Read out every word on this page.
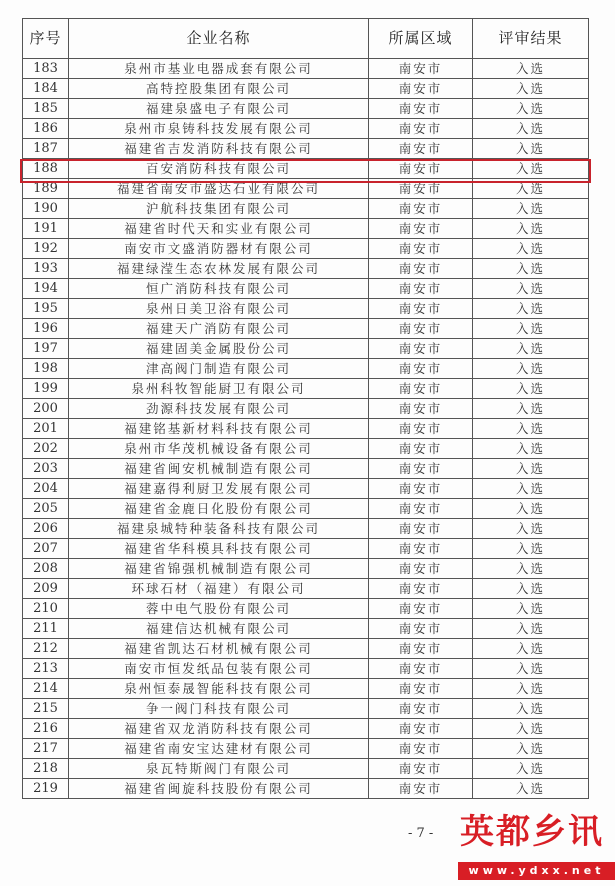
序号	企业名称	所属区域	评审结果
183	泉州市基业电器成套有限公司	南安市	入选
184	高特控股集团有限公司	南安市	入选
185	福建泉盛电子有限公司	南安市	入选
186	泉州市泉铸科技发展有限公司	南安市	入选
187	福建省吉发消防科技有限公司	南安市	入选
188	百安消防科技有限公司	南安市	入选
189	福建省南安市盛达石业有限公司	南安市	入选
190	沪航科技集团有限公司	南安市	入选
191	福建省时代天和实业有限公司	南安市	入选
192	南安市文盛消防器材有限公司	南安市	入选
193	福建绿滢生态农林发展有限公司	南安市	入选
194	恒广消防科技有限公司	南安市	入选
195	泉州日美卫浴有限公司	南安市	入选
196	福建天广消防有限公司	南安市	入选
197	福建固美金属股份公司	南安市	入选
198	津高阀门制造有限公司	南安市	入选
199	泉州科牧智能厨卫有限公司	南安市	入选
200	劲源科技发展有限公司	南安市	入选
201	福建铭基新材料科技有限公司	南安市	入选
202	泉州市华茂机械设备有限公司	南安市	入选
203	福建省闽安机械制造有限公司	南安市	入选
204	福建嘉得利厨卫发展有限公司	南安市	入选
205	福建省金鹿日化股份有限公司	南安市	入选
206	福建泉城特种装备科技有限公司	南安市	入选
207	福建省华科模具科技有限公司	南安市	入选
208	福建省锦强机械制造有限公司	南安市	入选
209	环球石材（福建）有限公司	南安市	入选
210	蓉中电气股份有限公司	南安市	入选
211	福建信达机械有限公司	南安市	入选
212	福建省凯达石材机械有限公司	南安市	入选
213	南安市恒发纸品包装有限公司	南安市	入选
214	泉州恒泰晟智能科技有限公司	南安市	入选
215	争一阀门科技有限公司	南安市	入选
216	福建省双龙消防科技有限公司	南安市	入选
217	福建省南安宝达建材有限公司	南安市	入选
218	泉瓦特斯阀门有限公司	南安市	入选
219	福建省闽旋科技股份有限公司	南安市	入选
- 7 - 英都乡讯
www.ydxx.net
